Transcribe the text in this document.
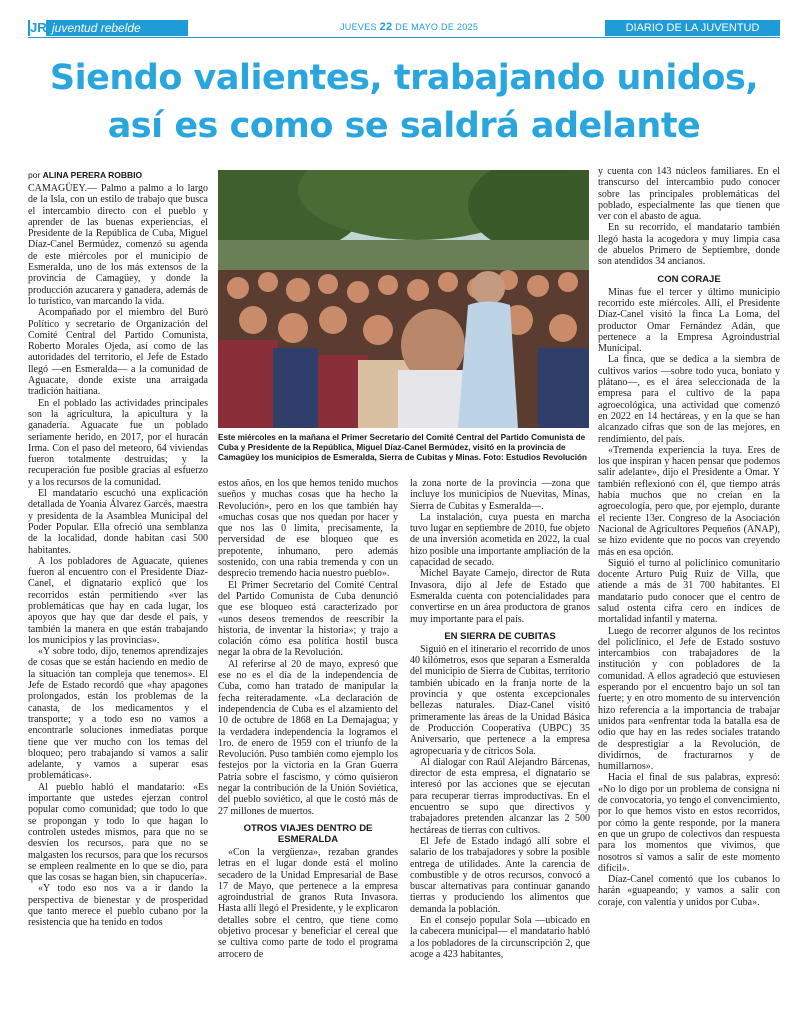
JR juventud rebelde	JUEVES 22 DE MAYO DE 2025	DIARIO DE LA JUVENTUD CUBANA
Siendo valientes, trabajando unidos,
así es como se saldrá adelante
por ALINA PERERA ROBBIO
Este miércoles en la mañana el Primer Secretario del Comité Central del Partido Comunista de Cuba y Presidente de la República, Miguel Díaz-Canel Bermúdez, visitó en la provincia de Camagüey los municipios de Esmeralda, Sierra de Cubitas y Minas. Foto: Estudios Revolución

CAMAGÜEY.— Palmo a palmo a lo largo de la Isla, con un estilo de trabajo que busca el intercambio directo con el pueblo y aprender de las buenas experiencias, el Presidente de la República de Cuba, Miguel Díaz-Canel Bermúdez, comenzó su agenda de este miércoles por el municipio de Esmeralda, uno de los más extensos de la provincia de Camagüey, y donde la producción azucarera y ganadera, además de lo turístico, van marcando la vida.

Acompañado por el miembro del Buró Político y secretario de Organización del Comité Central del Partido Comunista, Roberto Morales Ojeda, así como de las autoridades del territorio, el Jefe de Estado llegó —en Esmeralda— a la comunidad de Aguacate, donde existe una arraigada tradición haitiana.

En el poblado las actividades principales son la agricultura, la apicultura y la ganadería. Aguacate fue un poblado seriamente herido, en 2017, por el huracán Irma. Con el paso del meteoro, 64 viviendas fueron totalmente destruidas; y la recuperación fue posible gracias al esfuerzo y a los recursos de la comunidad.

El mandatario escuchó una explicación detallada de Yoania Álvarez Garcés, maestra y presidenta de la Asamblea Municipal del Poder Popular. Ella ofreció una semblanza de la localidad, donde habitan casi 500 habitantes.

A los pobladores de Aguacate, quienes fueron al encuentro con el Presidente Díaz-Canel, el dignatario explicó que los recorridos están permitiendo «ver las problemáticas que hay en cada lugar, los apoyos que hay que dar desde el país, y también la manera en que están trabajando los municipios y las provincias».

«Y sobre todo, dijo, tenemos aprendizajes de cosas que se están haciendo en medio de la situación tan compleja que tenemos». El Jefe de Estado recordó que «hay apagones prolongados, están los problemas de la canasta, de los medicamentos y el transporte; y a todo eso no vamos a encontrarle soluciones inmediatas porque tiene que ver mucho con los temas del bloqueo; pero trabajando sí vamos a salir adelante, y vamos a superar esas problemáticas».

Al pueblo habló el mandatario: «Es importante que ustedes ejerzan control popular como comunidad; que todo lo que se propongan y todo lo que hagan lo controlen ustedes mismos, para que no se desvíen los recursos, para que no se malgasten los recursos, para que los recursos se empleen realmente en lo que se dio, para que las cosas se hagan bien, sin chapucería».

«Y todo eso nos va a ir dando la perspectiva de bienestar y de prosperidad que tanto merece el pueblo cubano por la resistencia que ha tenido en todos

estos años, en los que hemos tenido muchos sueños y muchas cosas que ha hecho la Revolución», pero en los que también hay «muchas cosas que nos quedan por hacer y que nos las 0 limita, precisamente, la perversidad de ese bloqueo que es prepotente, inhumano, pero además sostenido, con una rabia tremenda y con un desprecio tremendo hacia nuestro pueblo».

El Primer Secretario del Comité Central del Partido Comunista de Cuba denunció que ese bloqueo está caracterizado por «unos deseos tremendos de reescribir la historia, de inventar la historia»; y trajo a colación cómo esa política hostil busca negar la obra de la Revolución.

Al referirse al 20 de mayo, expresó que ese no es el día de la independencia de Cuba, como han tratado de manipular la fecha reiteradamente. «La declaración de independencia de Cuba es el alzamiento del 10 de octubre de 1868 en La Demajagua; y la verdadera independencia la logramos el 1ro. de enero de 1959 con el triunfo de la Revolución. Puso también como ejemplo los festejos por la victoria en la Gran Guerra Patria sobre el fascismo, y cómo quisieron negar la contribución de la Unión Soviética, del pueblo soviético, al que le costó más de 27 millones de muertos.

OTROS VIAJES DENTRO DE ESMERALDA

«Con la vergüenza», rezaban grandes letras en el lugar donde está el molino secadero de la Unidad Empresarial de Base 17 de Mayo, que pertenece a la empresa agroindustrial de granos Ruta Invasora. Hasta allí llegó el Presidente, y le explicaron detalles sobre el centro, que tiene como objetivo procesar y beneficiar el cereal que se cultiva como parte de todo el programa arrocero de

la zona norte de la provincia —zona que incluye los municipios de Nuevitas, Minas, Sierra de Cubitas y Esmeralda—.

La instalación, cuya puesta en marcha tuvo lugar en septiembre de 2010, fue objeto de una inversión acometida en 2022, la cual hizo posible una importante ampliación de la capacidad de secado.

Michel Bayate Camejo, director de Ruta Invasora, dijo al Jefe de Estado que Esmeralda cuenta con potencialidades para convertirse en un área productora de granos muy importante para el país.

EN SIERRA DE CUBITAS

Siguió en el itinerario el recorrido de unos 40 kilómetros, esos que separan a Esmeralda del municipio de Sierra de Cubitas, territorio también ubicado en la franja norte de la provincia y que ostenta excepcionales bellezas naturales. Díaz-Canel visitó primeramente las áreas de la Unidad Básica de Producción Cooperativa (UBPC) 35 Aniversario, que pertenece a la empresa agropecuaria y de cítricos Sola.

Al dialogar con Raúl Alejandro Bárcenas, director de esta empresa, el dignatario se interesó por las acciones que se ejecutan para recuperar tierras improductivas. En el encuentro se supo que directivos y trabajadores pretenden alcanzar las 2 500 hectáreas de tierras con cultivos.

El Jefe de Estado indagó allí sobre el salario de los trabajadores y sobre la posible entrega de utilidades. Ante la carencia de combustible y de otros recursos, convocó a buscar alternativas para continuar ganando tierras y produciendo los alimentos que demanda la población.

En el consejo popular Sola —ubicado en la cabecera municipal— el mandatario habló a los pobladores de la circunscripción 2, que acoge a 423 habitantes,

y cuenta con 143 núcleos familiares. En el transcurso del intercambio pudo conocer sobre las principales problemáticas del poblado, especialmente las que tienen que ver con el abasto de agua.

En su recorrido, el mandatario también llegó hasta la acogedora y muy limpia casa de abuelos Primero de Septiembre, donde son atendidos 34 ancianos.

CON CORAJE

Minas fue el tercer y último municipio recorrido este miércoles. Allí, el Presidente Díaz-Canel visitó la finca La Loma, del productor Omar Fernández Adán, que pertenece a la Empresa Agroindustrial Municipal.

La finca, que se dedica a la siembra de cultivos varios —sobre todo yuca, boniato y plátano—, es el área seleccionada de la empresa para el cultivo de la papa agroecológica, una actividad que comenzó en 2022 en 14 hectáreas, y en la que se han alcanzado cifras que son de las mejores, en rendimiento, del país.

«Tremenda experiencia la tuya. Eres de los que inspiran y hacen pensar que podemos salir adelante», dijo el Presidente a Omar. Y también reflexionó con él, que tiempo atrás había muchos que no creían en la agroecología, pero que, por ejemplo, durante el reciente 13er. Congreso de la Asociación Nacional de Agricultores Pequeños (ANAP), se hizo evidente que no pocos van creyendo más en esa opción.

Siguió el turno al policlínico comunitario docente Arturo Puig Ruiz de Villa, que atiende a más de 31 700 habitantes. El mandatario pudo conocer que el centro de salud ostenta cifra cero en índices de mortalidad infantil y materna.

Luego de recorrer algunos de los recintos del policlínico, el Jefe de Estado sostuvo intercambios con trabajadores de la institución y con pobladores de la comunidad. A ellos agradeció que estuviesen esperando por el encuentro bajo un sol tan fuerte; y en otro momento de su intervención hizo referencia a la importancia de trabajar unidos para «enfrentar toda la batalla esa de odio que hay en las redes sociales tratando de desprestigiar a la Revolución, de dividirnos, de fracturarnos y de humillarnos».

Hacia el final de sus palabras, expresó: «No lo digo por un problema de consigna ni de convocatoria, yo tengo el convencimiento, por lo que hemos visto en estos recorridos, por cómo la gente responde, por la manera en que un grupo de colectivos dan respuesta para los momentos que vivimos, que nosotros sí vamos a salir de este momento difícil».

Díaz-Canel comentó que los cubanos lo harán «guapeando; y vamos a salir con coraje, con valentía y unidos por Cuba».
